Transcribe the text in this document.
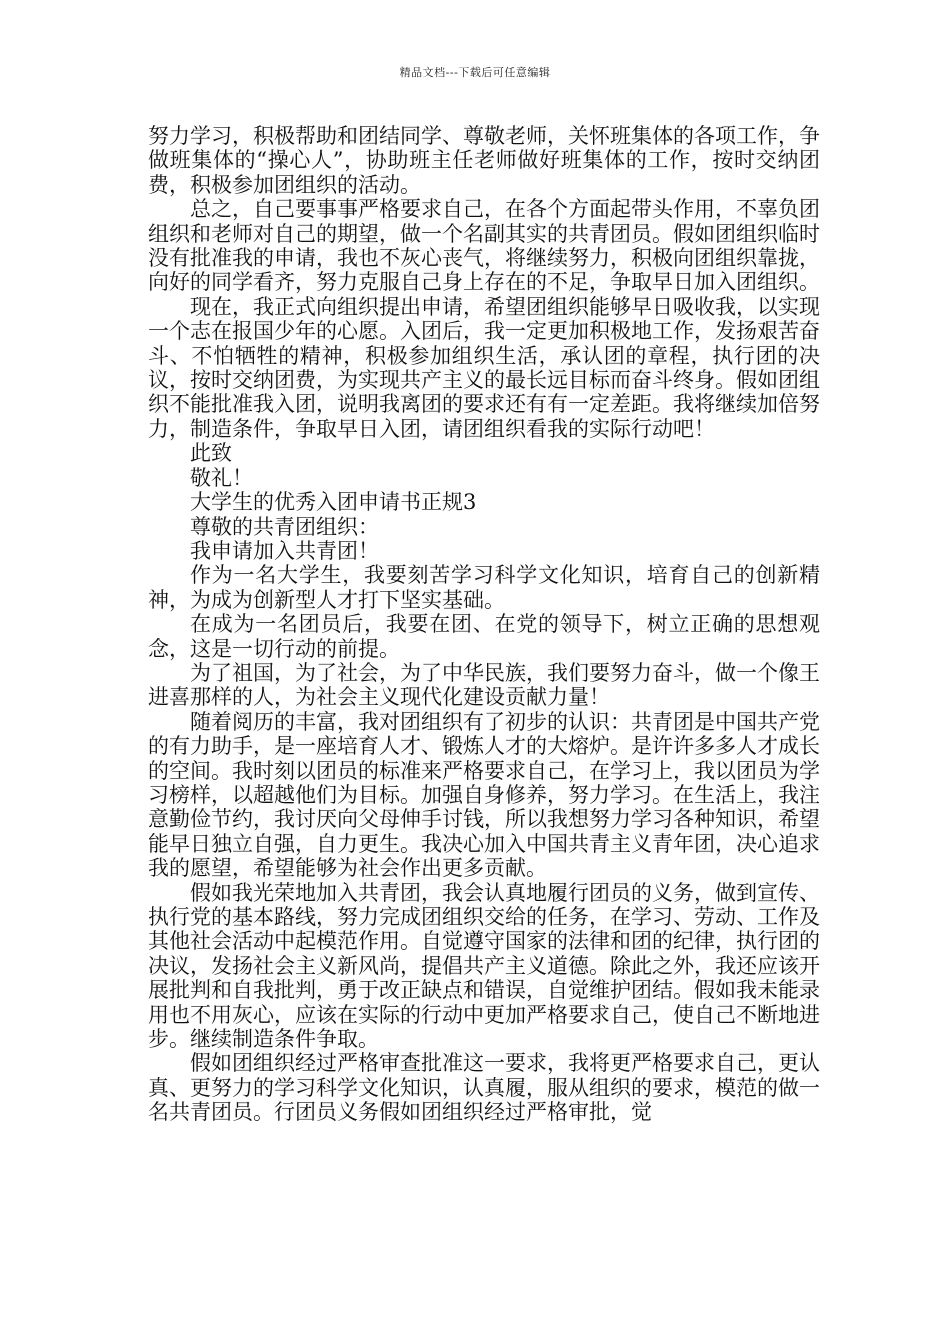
精品文档---下载后可任意编辑

努力学习，积极帮助和团结同学、尊敬老师，关怀班集体的各项工作，争做班集体的“操心人”，协助班主任老师做好班集体的工作，按时交纳团费，积极参加团组织的活动。

总之，自己要事事严格要求自己，在各个方面起带头作用，不辜负团组织和老师对自己的期望，做一个名副其实的共青团员。假如团组织临时没有批准我的申请，我也不灰心丧气，将继续努力，积极向团组织靠拢，向好的同学看齐，努力克服自己身上存在的不足，争取早日加入团组织。

现在，我正式向组织提出申请，希望团组织能够早日吸收我，以实现一个志在报国少年的心愿。入团后，我一定更加积极地工作，发扬艰苦奋斗、不怕牺牲的精神，积极参加组织生活，承认团的章程，执行团的决议，按时交纳团费，为实现共产主义的最长远目标而奋斗终身。假如团组织不能批准我入团，说明我离团的要求还有有一定差距。我将继续加倍努力，制造条件，争取早日入团，请团组织看我的实际行动吧！

此致

敬礼！

大学生的优秀入团申请书正规3

尊敬的共青团组织：

我申请加入共青团！

作为一名大学生，我要刻苦学习科学文化知识，培育自己的创新精神，为成为创新型人才打下坚实基础。

在成为一名团员后，我要在团、在党的领导下，树立正确的思想观念，这是一切行动的前提。

为了祖国，为了社会，为了中华民族，我们要努力奋斗，做一个像王进喜那样的人，为社会主义现代化建设贡献力量！

随着阅历的丰富，我对团组织有了初步的认识：共青团是中国共产党的有力助手，是一座培育人才、锻炼人才的大熔炉。是许许多多人才成长的空间。我时刻以团员的标准来严格要求自己，在学习上，我以团员为学习榜样，以超越他们为目标。加强自身修养，努力学习。在生活上，我注意勤俭节约，我讨厌向父母伸手讨钱，所以我想努力学习各种知识，希望能早日独立自强，自力更生。我决心加入中国共青主义青年团，决心追求我的愿望，希望能够为社会作出更多贡献。

假如我光荣地加入共青团，我会认真地履行团员的义务，做到宣传、执行党的基本路线，努力完成团组织交给的任务，在学习、劳动、工作及其他社会活动中起模范作用。自觉遵守国家的法律和团的纪律，执行团的决议，发扬社会主义新风尚，提倡共产主义道德。除此之外，我还应该开展批判和自我批判，勇于改正缺点和错误，自觉维护团结。假如我未能录用也不用灰心，应该在实际的行动中更加严格要求自己，使自己不断地进步。继续制造条件争取。

假如团组织经过严格审查批准这一要求，我将更严格要求自己，更认真、更努力的学习科学文化知识，认真履，服从组织的要求，模范的做一名共青团员。行团员义务假如团组织经过严格审批，觉
